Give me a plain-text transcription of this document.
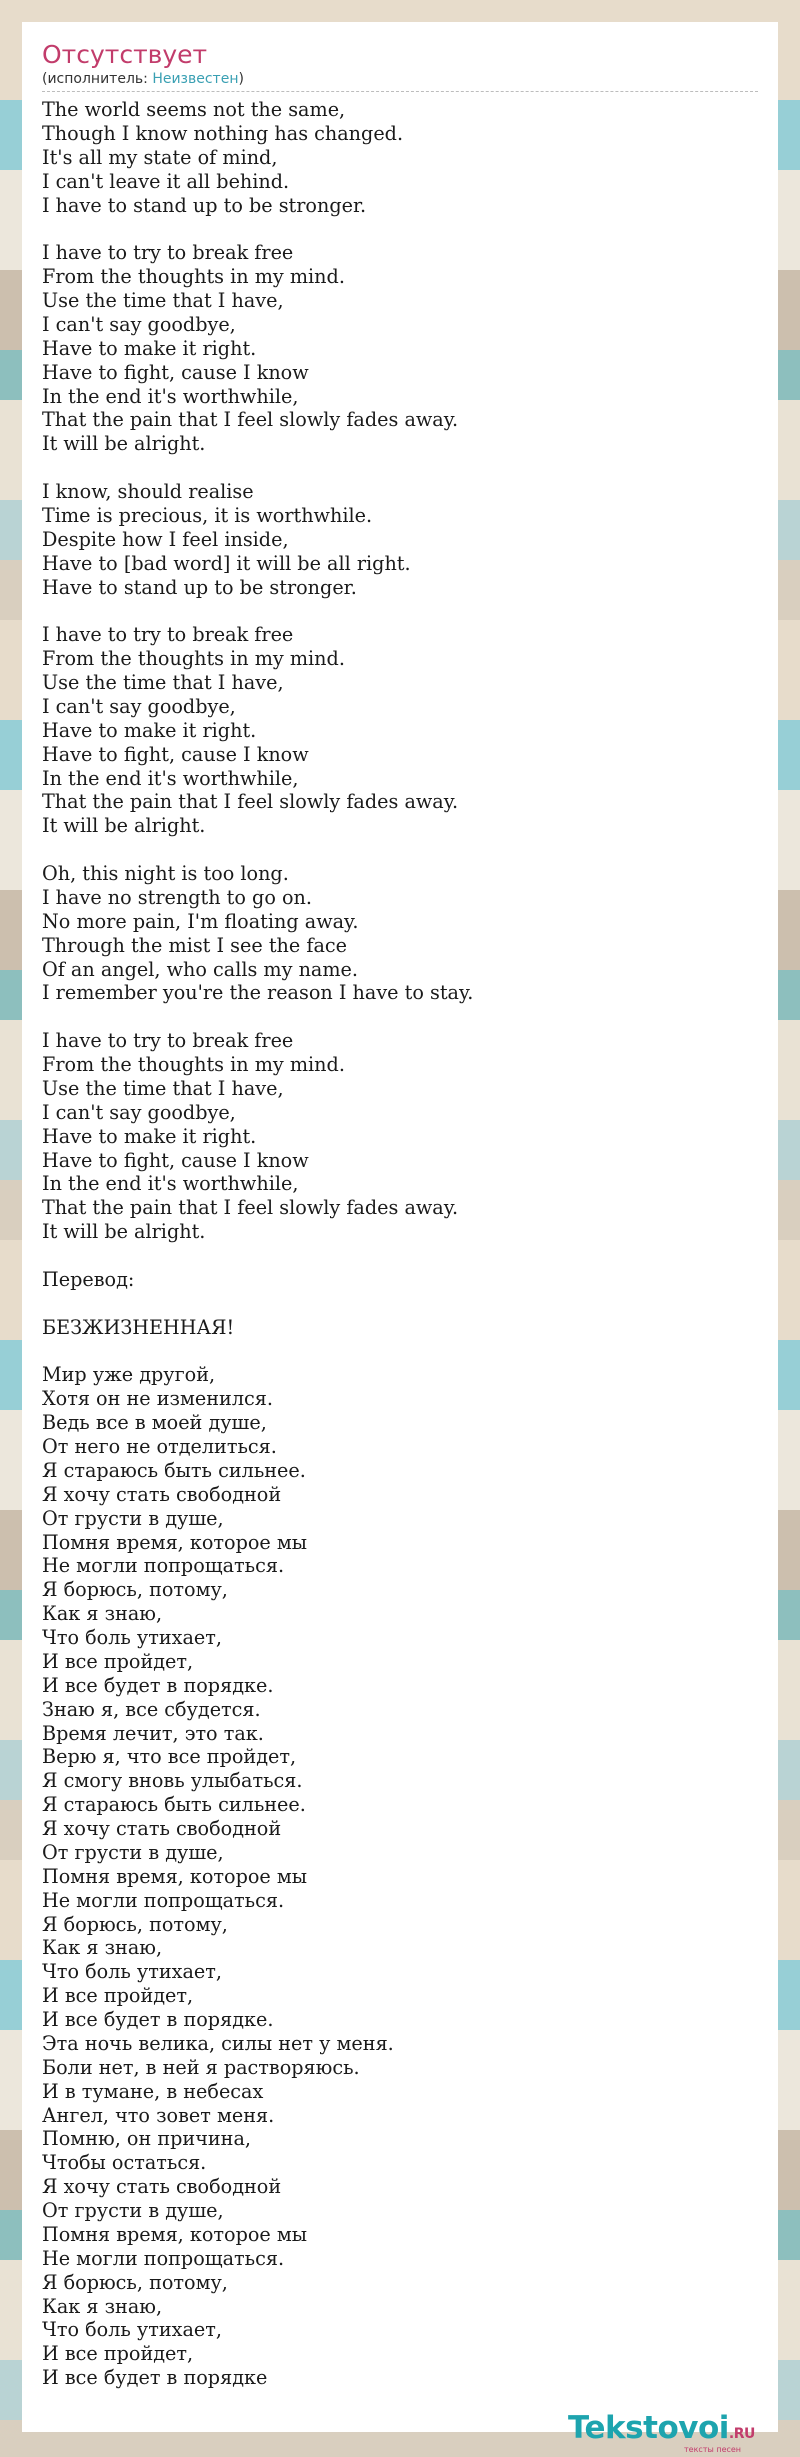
Отсутствует
(исполнитель: Неизвестен)
The world seems not the same,
Though I know nothing has changed.
It's all my state of mind,
I can't leave it all behind.
I have to stand up to be stronger.

I have to try to break free
From the thoughts in my mind.
Use the time that I have,
I can't say goodbye,
Have to make it right.
Have to fight, cause I know
In the end it's worthwhile,
That the pain that I feel slowly fades away.
It will be alright.

I know, should realise
Time is precious, it is worthwhile.
Despite how I feel inside,
Have to [bad word] it will be all right.
Have to stand up to be stronger.

I have to try to break free
From the thoughts in my mind.
Use the time that I have,
I can't say goodbye,
Have to make it right.
Have to fight, cause I know
In the end it's worthwhile,
That the pain that I feel slowly fades away.
It will be alright.

Oh, this night is too long.
I have no strength to go on.
No more pain, I'm floating away.
Through the mist I see the face
Of an angel, who calls my name.
I remember you're the reason I have to stay.

I have to try to break free
From the thoughts in my mind.
Use the time that I have,
I can't say goodbye,
Have to make it right.
Have to fight, cause I know
In the end it's worthwhile,
That the pain that I feel slowly fades away.
It will be alright.

Перевод:

БЕЗЖИЗНЕННАЯ!

Мир уже другой,
Хотя он не изменился.
Ведь все в моей душе,
От него не отделиться.
Я стараюсь быть сильнее.
Я хочу стать свободной
От грусти в душе,
Помня время, которое мы
Не могли попрощаться.
Я борюсь, потому,
Как я знаю,
Что боль утихает,
И все пройдет,
И все будет в порядке.
Знаю я, все сбудется.
Время лечит, это так.
Верю я, что все пройдет,
Я смогу вновь улыбаться.
Я стараюсь быть сильнее.
Я хочу стать свободной
От грусти в душе,
Помня время, которое мы
Не могли попрощаться.
Я борюсь, потому,
Как я знаю,
Что боль утихает,
И все пройдет,
И все будет в порядке.
Эта ночь велика, силы нет у меня.
Боли нет, в ней я растворяюсь.
И в тумане, в небесах
Ангел, что зовет меня.
Помню, он причина,
Чтобы остаться.
Я хочу стать свободной
От грусти в душе,
Помня время, которое мы
Не могли попрощаться.
Я борюсь, потому,
Как я знаю,
Что боль утихает,
И все пройдет,
И все будет в порядке
Tekstovoi.RU
тексты песен
